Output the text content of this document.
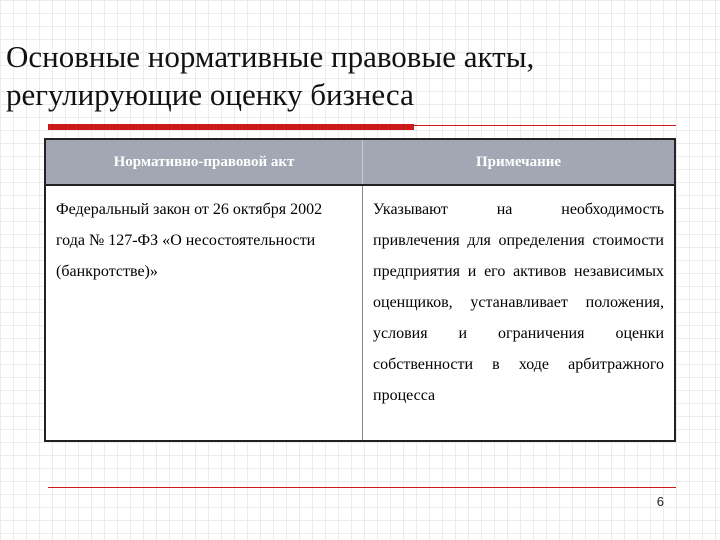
Основные нормативные правовые акты,
регулирующие оценку бизнеса
Нормативно-правовой акт	Примечание
Федеральный закон от 26 октября 2002 года № 127-ФЗ «О несостоятельности (банкротстве)»	Указывают на необходимость привлечения для определения стоимости предприятия и его активов независимых оценщиков, устанавливает положения, условия и ограничения оценки собственности в ходе арбитражного процесса
6
